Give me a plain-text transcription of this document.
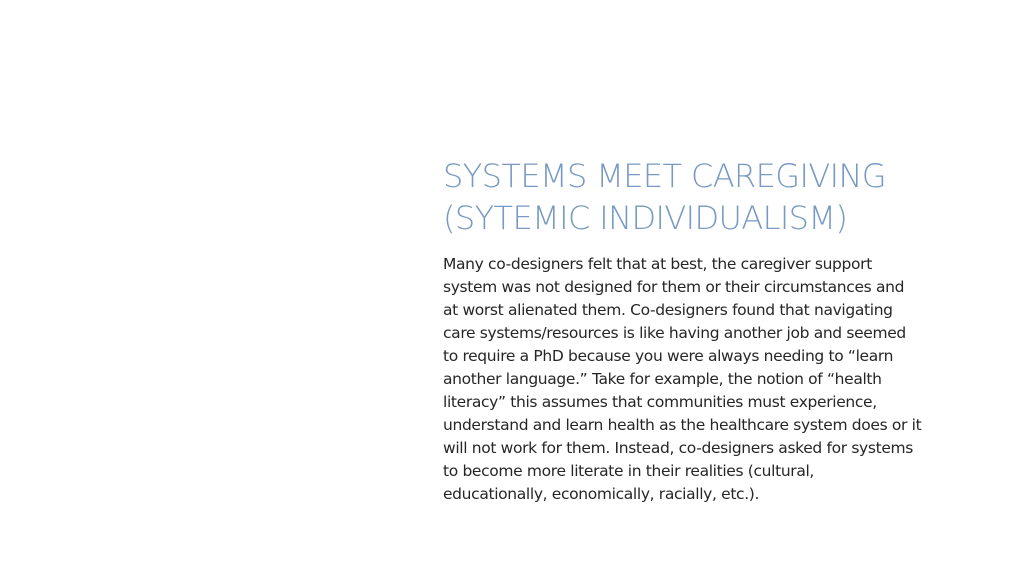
SYSTEMS MEET CAREGIVING
(SYTEMIC INDIVIDUALISM)

Many co-designers felt that at best, the caregiver support
system was not designed for them or their circumstances and
at worst alienated them. Co-designers found that navigating
care systems/resources is like having another job and seemed
to require a PhD because you were always needing to “learn
another language.” Take for example, the notion of “health
literacy” this assumes that communities must experience,
understand and learn health as the healthcare system does or it
will not work for them. Instead, co-designers asked for systems
to become more literate in their realities (cultural,
educationally, economically, racially, etc.).
